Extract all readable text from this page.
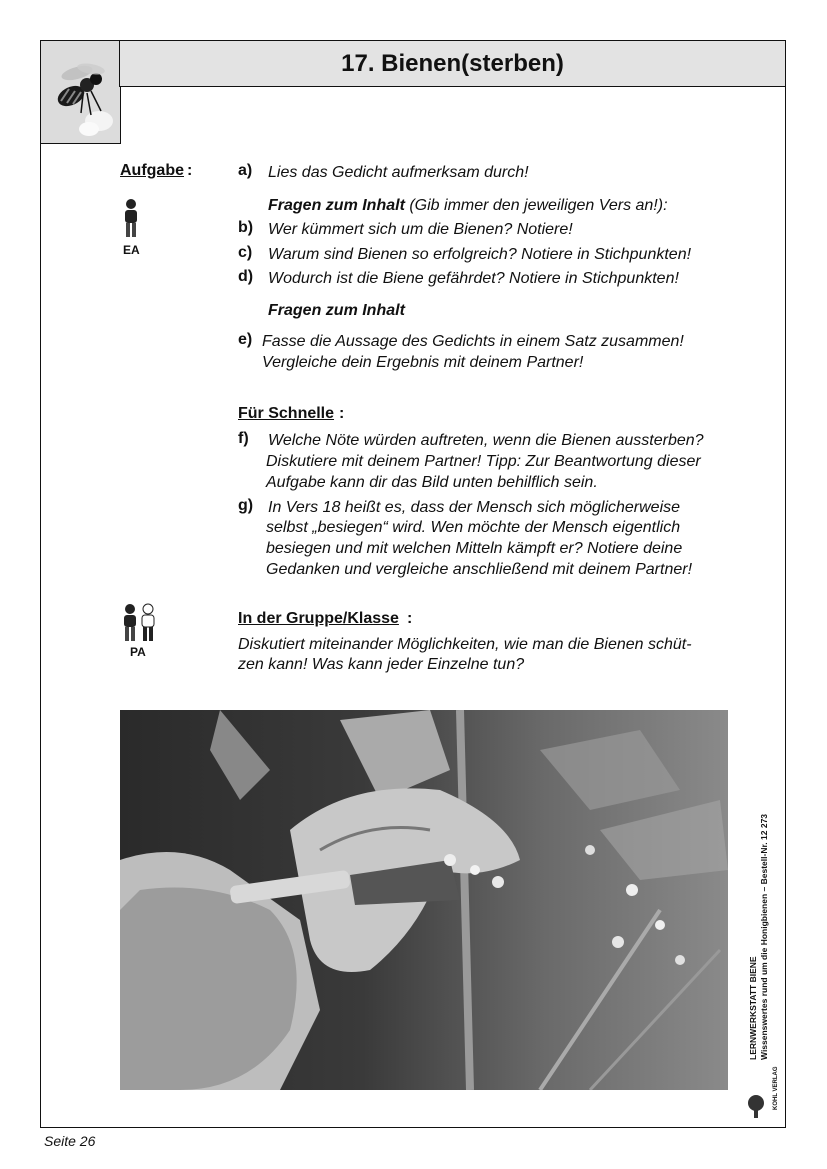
17. Bienen(sterben)
Aufgabe :
EA
a) Lies das Gedicht aufmerksam durch!
Fragen zum Inhalt (Gib immer den jeweiligen Vers an!):
b) Wer kümmert sich um die Bienen? Notiere!
c) Warum sind Bienen so erfolgreich? Notiere in Stichpunkten!
d) Wodurch ist die Biene gefährdet? Notiere in Stichpunkten!
Fragen zum Inhalt
e) Fasse die Aussage des Gedichts in einem Satz zusammen!
Vergleiche dein Ergebnis mit deinem Partner!
Für Schnelle :
f) Welche Nöte würden auftreten, wenn die Bienen aussterben?
Diskutiere mit deinem Partner! Tipp: Zur Beantwortung dieser
Aufgabe kann dir das Bild unten behilflich sein.
g) In Vers 18 heißt es, dass der Mensch sich möglicherweise
selbst „besiegen“ wird. Wen möchte der Mensch eigentlich
besiegen und mit welchen Mitteln kämpft er? Notiere deine
Gedanken und vergleiche anschließend mit deinem Partner!
PA
In der Gruppe/Klasse :
Diskutiert miteinander Möglichkeiten, wie man die Bienen schüt-
zen kann! Was kann jeder Einzelne tun?
LERNWERKSTATT BIENE Wissenswertes rund um die Honigbienen – Bestell-Nr. 12 273
KOHL VERLAG
Seite 26
